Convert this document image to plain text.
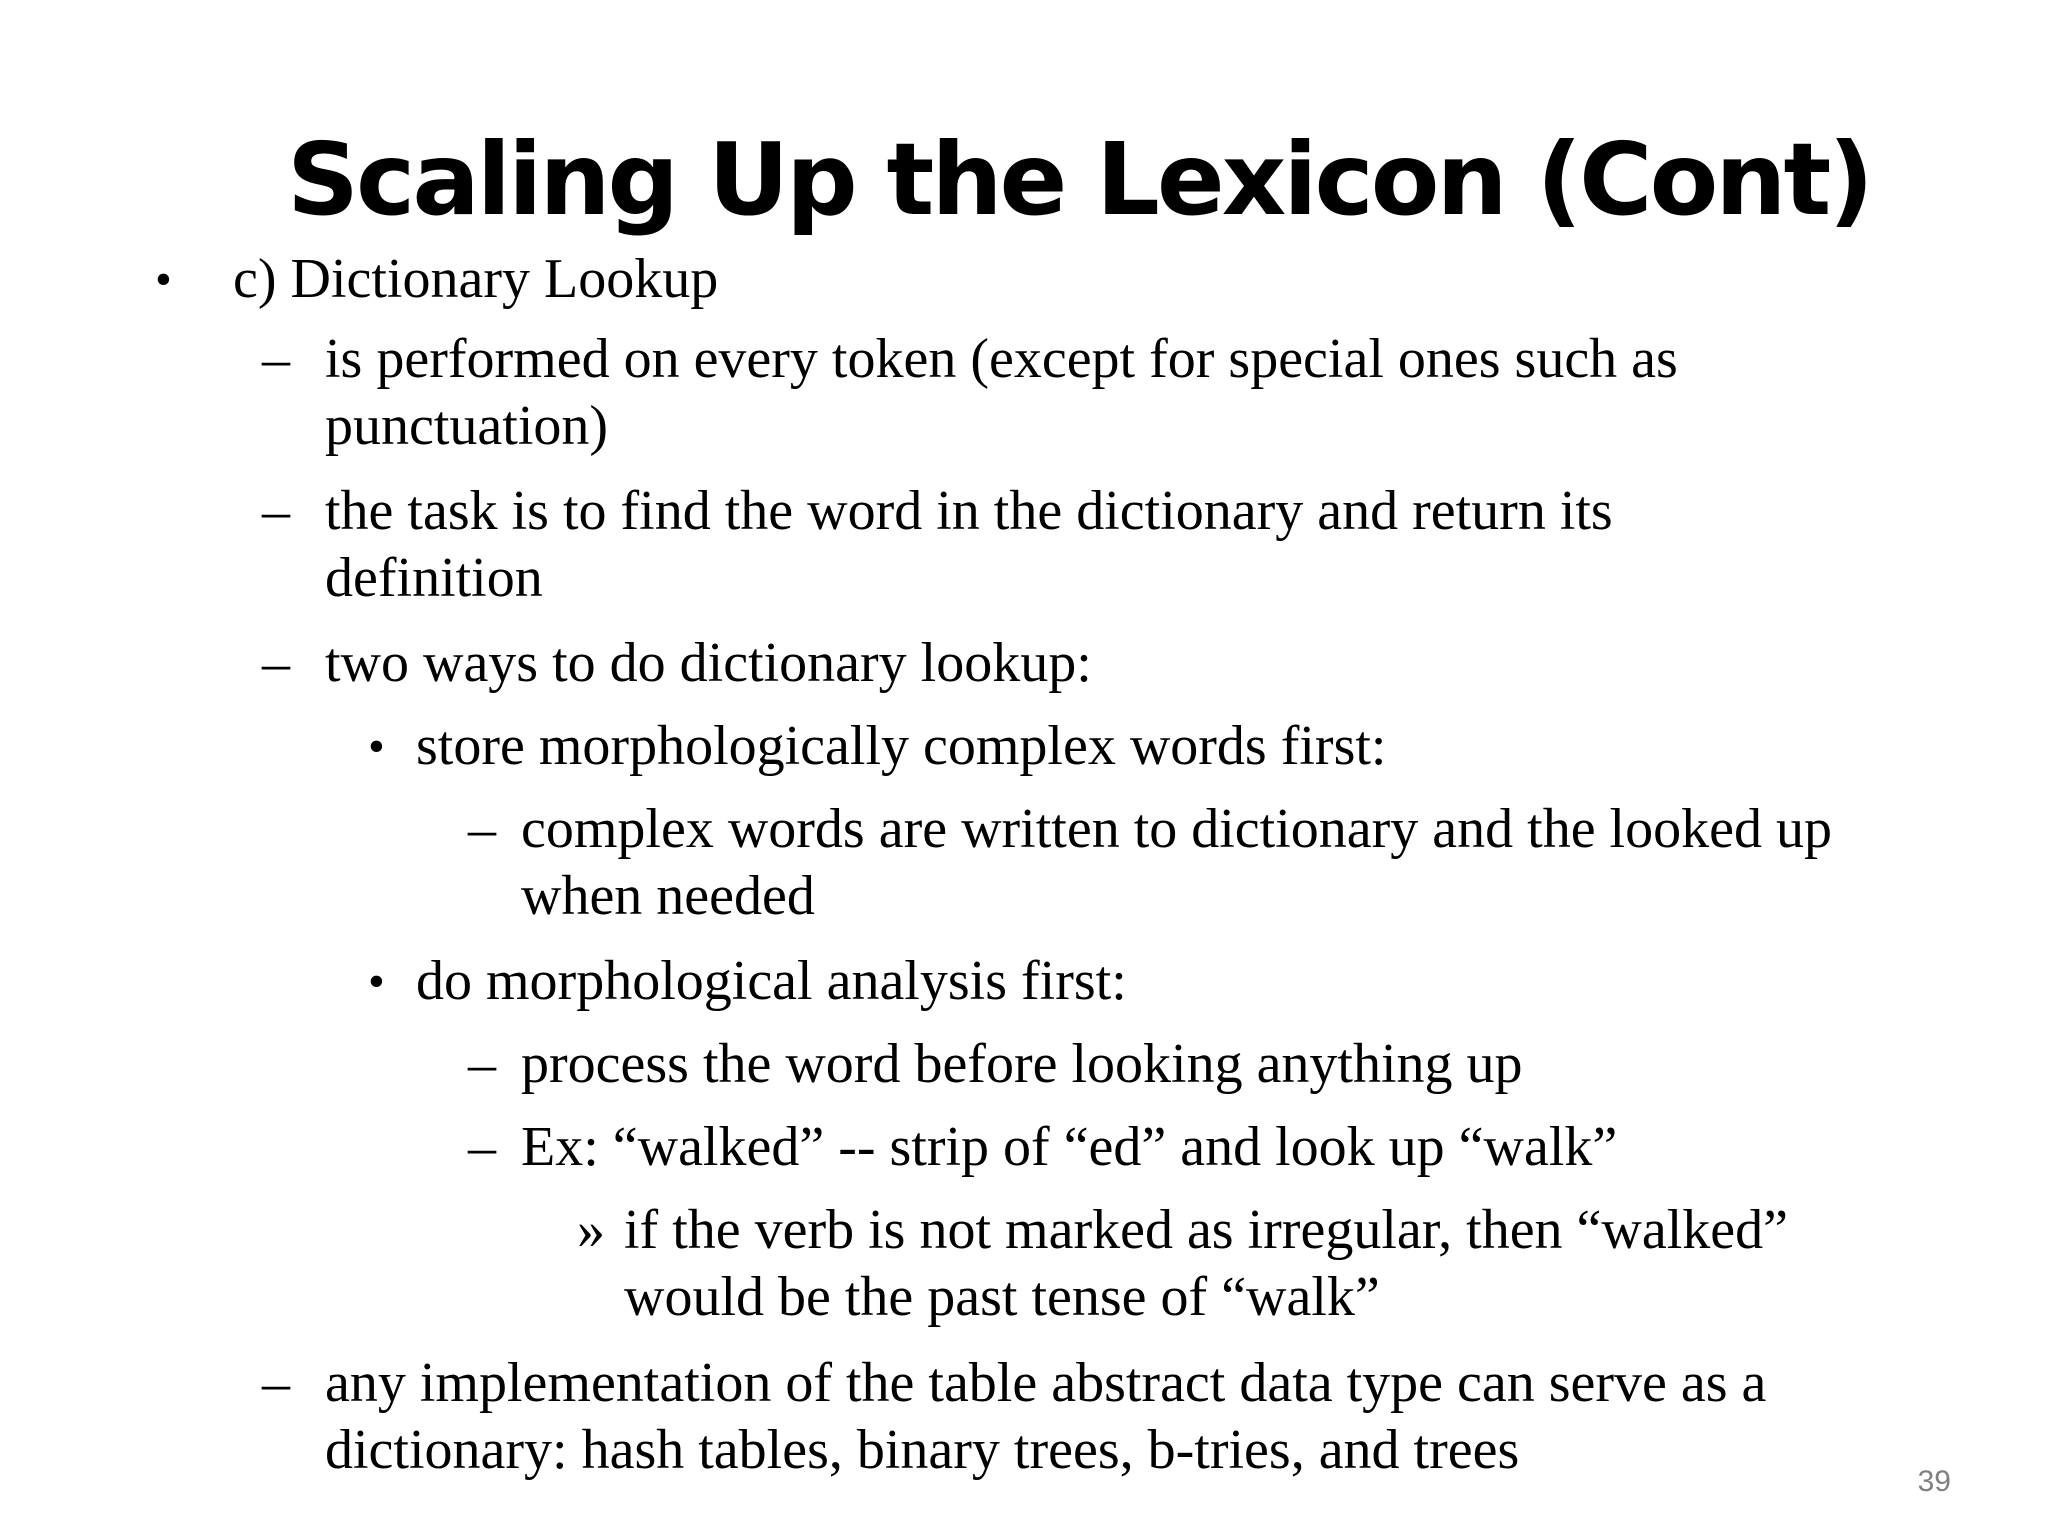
Scaling Up the Lexicon (Cont)
• c) Dictionary Lookup
– is performed on every token (except for special ones such as punctuation)
– the task is to find the word in the dictionary and return its definition
– two ways to do dictionary lookup:
• store morphologically complex words first:
– complex words are written to dictionary and the looked up when needed
• do morphological analysis first:
– process the word before looking anything up
– Ex: “walked” -- strip of “ed” and look up “walk”
» if the verb is not marked as irregular, then “walked” would be the past tense of “walk”
– any implementation of the table abstract data type can serve as a dictionary: hash tables, binary trees, b-tries, and trees
39
